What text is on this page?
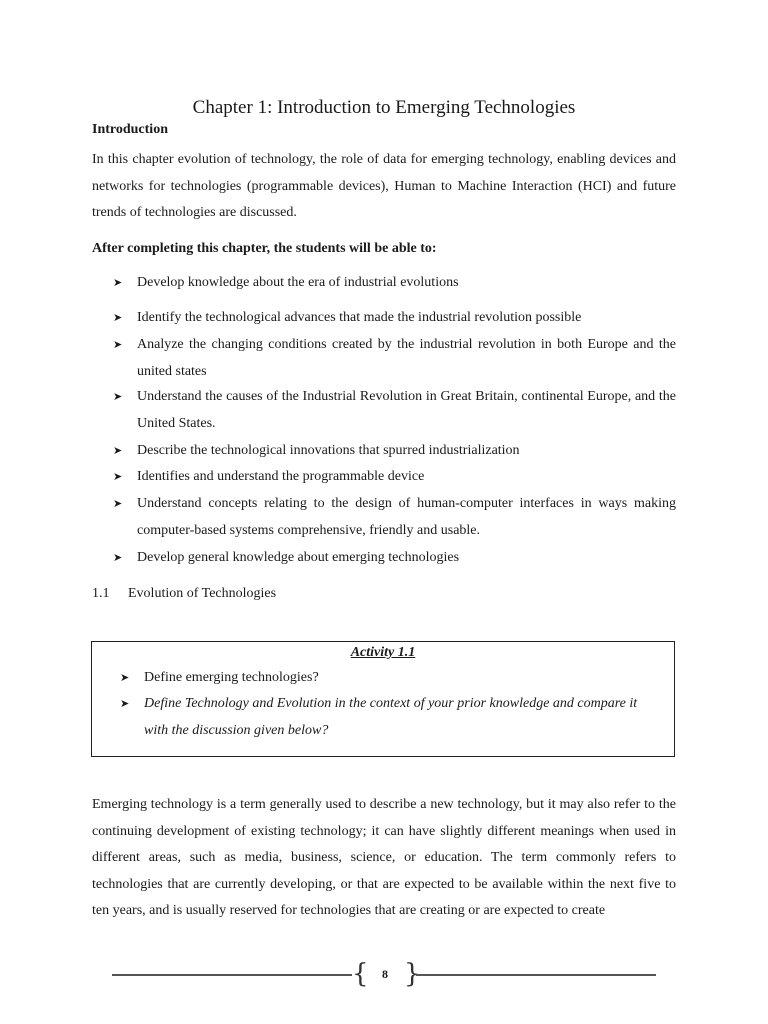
Chapter 1: Introduction to Emerging Technologies
Introduction
In this chapter evolution of technology, the role of data for emerging technology, enabling devices and networks for technologies (programmable devices), Human to Machine Interaction (HCI) and future trends of technologies are discussed.
After completing this chapter, the students will be able to:
➤	Develop knowledge about the era of industrial evolutions
➤	Identify the technological advances that made the industrial revolution possible
➤	Analyze the changing conditions created by the industrial revolution in both Europe and the united states
➤	Understand the causes of the Industrial Revolution in Great Britain, continental Europe, and the United States.
➤	Describe the technological innovations that spurred industrialization
➤	Identifies and understand the programmable device
➤	Understand concepts relating to the design of human-computer interfaces in ways making computer-based systems comprehensive, friendly and usable.
➤	Develop general knowledge about emerging technologies
1.1 Evolution of Technologies
Activity 1.1
➤ Define emerging technologies?
➤ Define Technology and Evolution in the context of your prior knowledge and compare it with the discussion given below?
Emerging technology is a term generally used to describe a new technology, but it may also refer to the continuing development of existing technology; it can have slightly different meanings when used in different areas, such as media, business, science, or education. The term commonly refers to technologies that are currently developing, or that are expected to be available within the next five to ten years, and is usually reserved for technologies that are creating or are expected to create
{	8 }
